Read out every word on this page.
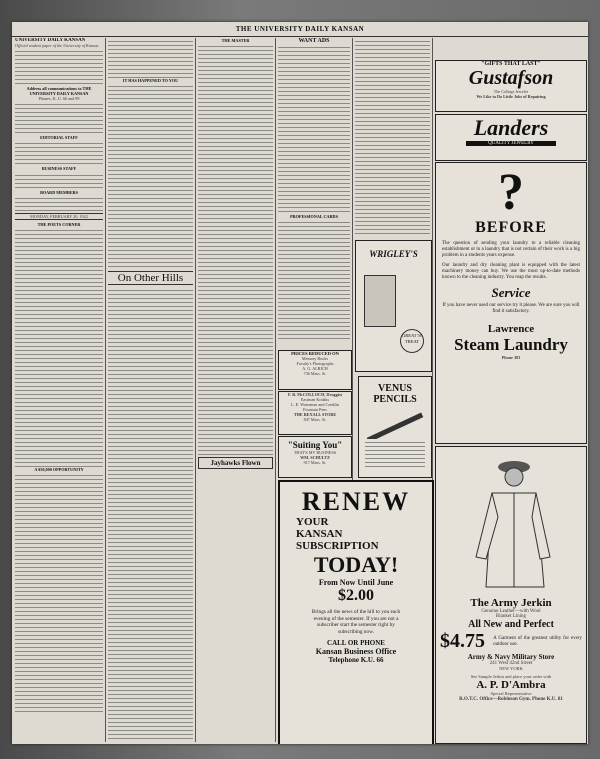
THE UNIVERSITY DAILY KANSAN
UNIVERSITY DAILY KANSAN
Official student paper of the University of Kansas
Address all communications to THE UNIVERSITY DAILY KANSAN
Phones, K. U. 66 and 99
EDITORIAL STAFF
BUSINESS STAFF
BOARD MEMBERS
MONDAY, FEBRUARY 20, 1922
THE POETS CORNER
A $50,000 OPPORTUNITY
IT HAS HAPPENED TO YOU
On Other Hills
THE MASTER
Jayhawks Flown
WANT ADS
PROFESSIONAL CARDS
PRICES REDUCED ON
Memory Books
Faculty's Photographs
A. G. ALRICH
736 Mass. St.
F. B. McCOLLOCH, Druggist
Eastman Kodaks
L. E. Waterman and Conklin
Fountain Pens
THE REXALL STORE
847 Mass. St.
"Suiting You"
THAT'S MY BUSINESS
WM. SCHULTZ
917 Mass. St.
WRIGLEY'S
GREAT 5¢ TREAT
VENUS PENCILS
"GIFTS THAT LAST"
Gustafson
The College Jeweler
We Like to Do Little Jobs of Repairing
Landers
QUALITY JEWELRY
?
BEFORE
The question of sending your laundry to a reliable cleaning establishment or to a laundry that is not certain of their work is a big problem in a students years expense.
Our laundry and dry cleaning plant is equipped with the latest machinery money can buy. We use the most up-to-date methods known to the cleaning industry. You reap the results.
Service
If you have never used our service try it please. We are sure you will find it satisfactory.
Lawrence
Steam Laundry
Phone 383
RENEW
YOUR
KANSAN
SUBSCRIPTION
TODAY!
From Now Until June
$2.00
Brings all the news of the hill to you each evening of the semester. If you are not a subscriber start the semester right by subscribing now.
CALL OR PHONE
Kansan Business Office
Telephone K.U. 66
The Army Jerkin
Genuine Leather—with Wool
Blanket Lining
All New and Perfect
$4.75	A Garment of the greatest utility for every outdoor use.
Army & Navy Military Store
241 West 42nd Street
NEW YORK
See Sample Jerkin and place your order with
A. P. D'Ambra
Special Representative
R.O.T.C. Office—Robinson Gym. Phone K.U. 81
